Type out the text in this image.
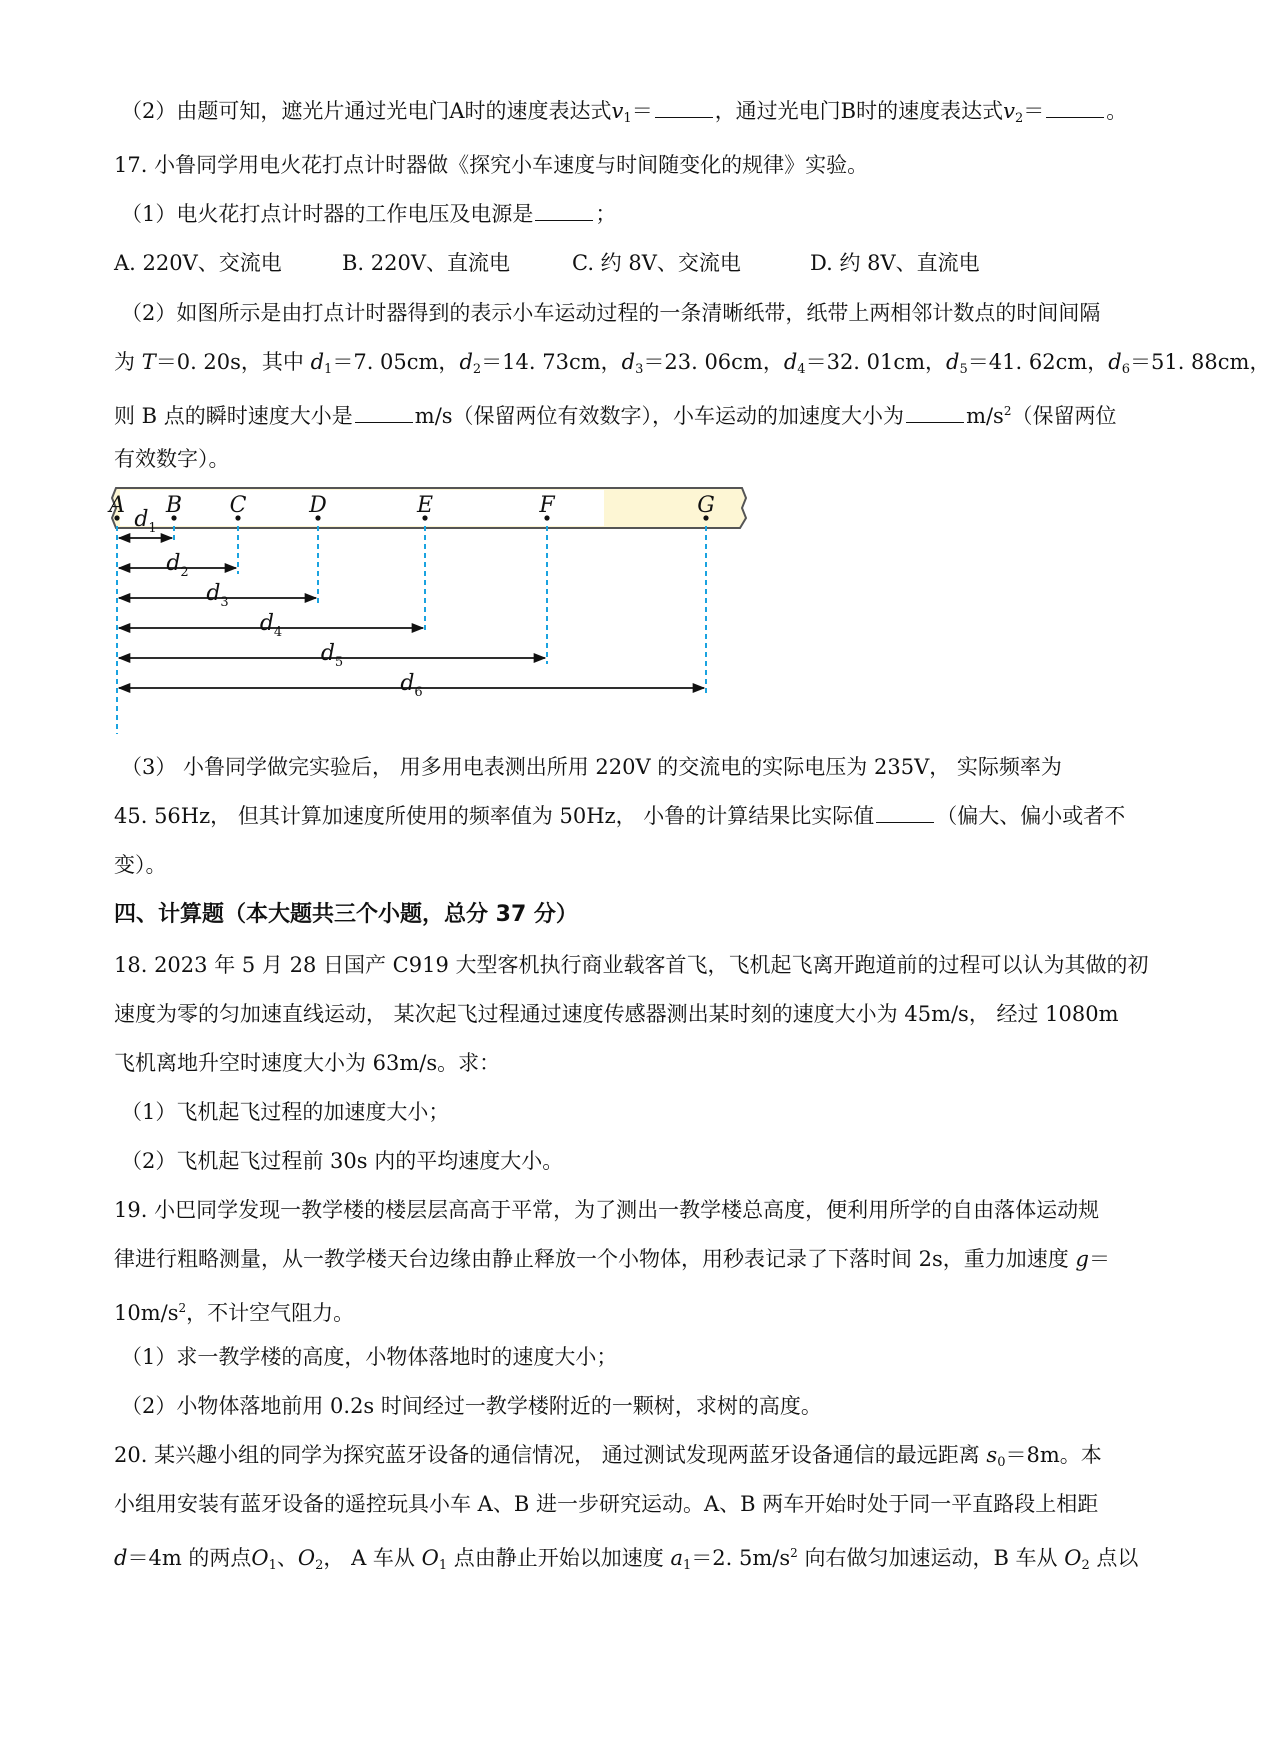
（2）由题可知，遮光片通过光电门A时的速度表达式$v_1=$	，通过光电门B时的速度表达式$v_2=$	。
17. 小鲁同学用电火花打点计时器做《探究小车速度与时间随变化的规律》实验。
（1）电火花打点计时器的工作电压及电源是	；
A. 220V、交流电	B. 220V、直流电	C. 约 8V、交流电	D. 约 8V、直流电
（2）如图所示是由打点计时器得到的表示小车运动过程的一条清晰纸带，纸带上两相邻计数点的时间间隔
为 T＝0. 20s，其中 $d_1=7$. 05cm，$d_2=14$. 73cm，$d_3=23$. 06cm，$d_4=32$. 01cm，$d_5=41$. 62cm，$d_6=51$. 88cm，
则 B 点的瞬时速度大小是	m/s（保留两位有效数字），小车运动的加速度大小为	$m/s^2$（保留两位
有效数字）。
A B
$d_1$
C
$d_2$
D
$d_3$
E
$d_4$
F
$d_5$
G
$d_6$
（3） 小鲁同学做完实验后， 用多用电表测出所用 220V 的交流电的实际电压为 235V， 实际频率为
45. 56Hz， 但其计算加速度所使用的频率值为 50Hz， 小鲁的计算结果比实际值	（偏大、偏小或者不
变）。
四、计算题（本大题共三个小题，总分 37 分）
18. 2023 年 5 月 28 日国产 C919 大型客机执行商业载客首飞，飞机起飞离开跑道前的过程可以认为其做的初
速度为零的匀加速直线运动， 某次起飞过程通过速度传感器测出某时刻的速度大小为 45m/s， 经过 1080m
飞机离地升空时速度大小为 63m/s。求：
（1）飞机起飞过程的加速度大小；
（2）飞机起飞过程前 30s 内的平均速度大小。
19. 小巴同学发现一教学楼的楼层层高高于平常，为了测出一教学楼总高度，便利用所学的自由落体运动规
律进行粗略测量，从一教学楼天台边缘由静止释放一个小物体，用秒表记录了下落时间 2s，重力加速度 g＝
$10m/s^2$，不计空气阻力。
（1）求一教学楼的高度，小物体落地时的速度大小；
（2）小物体落地前用 0.2s 时间经过一教学楼附近的一颗树，求树的高度。
20. 某兴趣小组的同学为探究蓝牙设备的通信情况， 通过测试发现两蓝牙设备通信的最远距离 $s_0=8m$。本
小组用安装有蓝牙设备的遥控玩具小车 A、B 进一步研究运动。A、B 两车开始时处于同一平直路段上相距
d＝4m 的两点$O_1$、$O_2$， A 车从 $O_1$ 点由静止开始以加速度 $a_1=2$. $5m/s^2$ 向右做匀加速运动，B 车从 $O_2$ 点以
